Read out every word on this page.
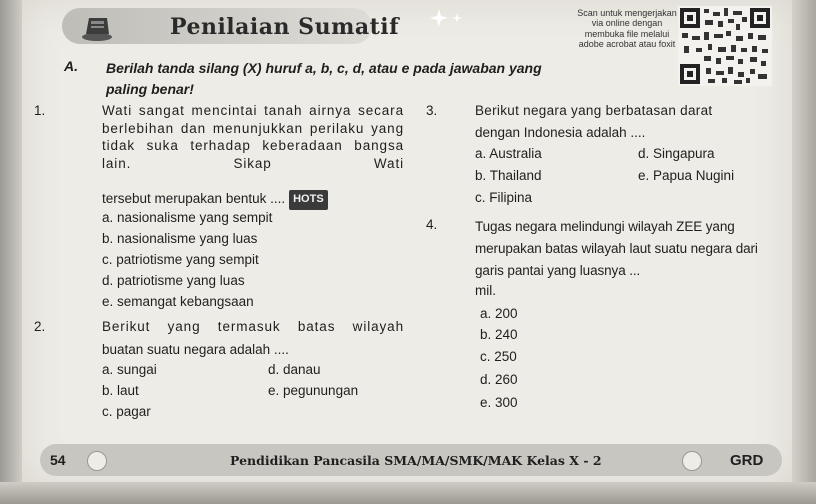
Penilaian Sumatif
Scan untuk mengerjakan via online dengan membuka file melalui adobe acrobat atau foxit
A. Berilah tanda silang (X) huruf a, b, c, d, atau e pada jawaban yang paling benar!
1.	Wati sangat mencintai tanah airnya secara berlebihan dan menunjukkan perilaku yang tidak suka terhadap keberadaan bangsa lain. Sikap Wati
tersebut merupakan bentuk .... HOTS
a. nasionalisme yang sempit
b. nasionalisme yang luas
c. patriotisme yang sempit
d. patriotisme yang luas
e. semangat kebangsaan
2.	Berikut yang termasuk batas wilayah
buatan suatu negara adalah ....
a. sungai	d. danau
b. laut	e. pegunungan
c. pagar
3.	Berikut negara yang berbatasan darat
dengan Indonesia adalah ....
a. Australia	d. Singapura
b. Thailand	e. Papua Nugini
c. Filipina
4.	Tugas negara melindungi wilayah ZEE yang merupakan batas wilayah laut suatu negara dari garis pantai yang luasnya ...
mil.
a. 200
b. 240
c. 250
d. 260
e. 300
54	Pendidikan Pancasila SMA/MA/SMK/MAK Kelas X - 2	GRD
